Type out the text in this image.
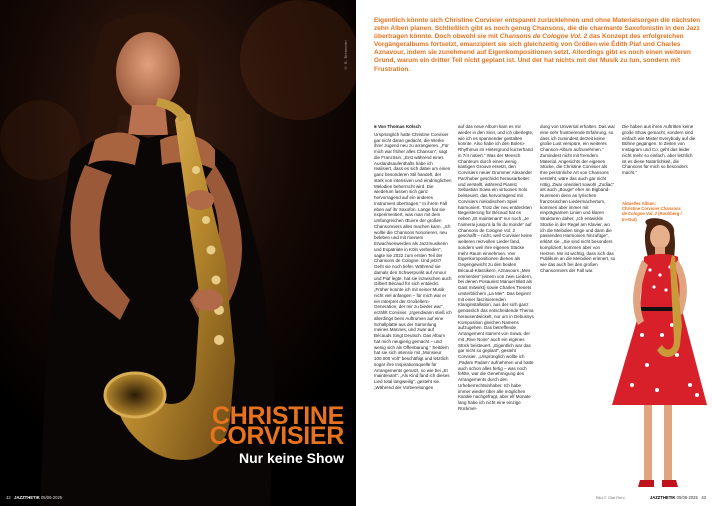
© B. Bielmeier
CHRISTINE
CORVISIER
Nur keine Show
42 JAZZTHETIK 05/06-2025

Eigentlich könnte sich Christine Corvisier entspannt zurücklehnen und ohne Materialsorgen die nächsten zehn Alben planen. Schließlich gibt es noch genug Chansons, die die charmante Saxofonistin in den Jazz übertragen könnte. Doch obwohl sie mit Chansons de Cologne Vol. 2 das Konzept des erfolgreichen Vorgängeralbums fortsetzt, emanzipiert sie sich gleichzeitig von Größen wie Édith Piaf und Charles Aznavour, indem sie zunehmend auf Eigenkompositionen setzt. Allerdings gibt es noch einen weiteren Grund, warum ein dritter Teil nicht geplant ist. Und der hat nichts mit der Musik zu tun, sondern mit Frustration.

■ Von Thomas Kölsch

Ursprünglich hatte Christine Corvisier gar nicht daran gedacht, die Werke ihrer Jugend neu zu arrangieren. „Für mich war früher alles Chanson“, sagt die Französin. „Erst während eines Auslandsaufenthalts habe ich realisiert, dass es sich dabei um einen ganz besonderen Stil handelt, der stark von intensiven und eindringlichen Melodien beherrscht wird. Die wiederum lassen sich ganz hervorragend auf ein anderes Instrument übertragen.“ In ihrem Fall eben auf ihr Saxofon. Lange hat sie experimentiert, was man mit dem umfangreichen Œuvre der großen Chansonniers alles machen kann. „Ich wollte die Chansons honorieren, neu beleben und mit meinem Erwachsenwerden als Jazzmusikerin und Expatriate in Köln verbinden“, sagte sie 2022 zum ersten Teil der Chansons de Cologne. Und jetzt? Geht sie noch tiefer. Während sie damals den Schwerpunkt auf Amour und Piaf legte, hat sie inzwischen auch Gilbert Bécaud für sich entdeckt. „Früher konnte ich mit seiner Musik nicht viel anfangen – für mich war er ein Interpret der Großeltern-Generation, der mir zu bieder war“, erzählt Corvisier. „Irgendwann stieß ich allerdings beim Auftrumen auf eine Schallplatte aus der Sammlung meines Mannes, und zwar auf Bécauds Singt Deutsch. Das Album hat mich neugierig gemacht – und wenig sich als Offenbarung.“ Seitdem hat sie sich intensiv mit „Monsieur 100.000 Volt“ beschäftigt und letztlich sogar ihre Inspirationsquelle für Arrangements genutzt, so wie bei „Et maintenant“. „Als Kind fand ich dieses Lied total langweilig“, gesteht sie. „Während der Vorbereitungen

auf das neue Album kam es mir wieder in den Sinn, und ich überlegte, wie ich es spannender gestalten konnte. Also habe ich den Bolero-Rhythmus im Hintergrund kurzerhand in 7/4 notiert.“ Was der Mensch Chanteurs durch einen wenig kantigen Groove ersetzt, den Corvisiers neuer Drummer Alexander Parzhuber geschickt herausarbeitet und verstellt, während Pianist Sebastian Sowa ein virtuoses Solo beisteuert, das hervorragend mit Corvisiers melodischem Spiel harmoniert. Trotz der neu entdeckten Begeisterung für Bécaud hat es neben „Et maintenant“ nur noch „Je t’aimerai jusqu’à la fin du monde“ auf Chansons de Cologne Vol. 2 geschafft – nicht, weil Corvisier keine weiteren reizvollen Lieder fand, sondern weil ihre eigenen Stücke mehr Raum einnehmen. Vier Eigenkompositionen dienen als Gegengewicht zu den beiden Bécaud-Klassikern, Aznavours „Mes emmerdes“ (einem von zwei Liedern, bei denen Posaunist Manuel Blatt als Gast mitwirkt) sowie Charles Trenets unsterblichem „La Mer“. Das beginnt mit einer faszinierenden Klanginstallation, aus der sich ganz genüsslich das entscheidende Thema herausentwickelt, nur um in Debussys Komposition gleichen Namens aufzugehen. Das betreffende Arrangement stammt von Sowa, der mit „Rive Noire“ auch ein eigenes Stück beisteuert. „Eigentlich war das gar nicht so geplant“, gesteht Corvisier. „Ursprünglich wollte ich ‚Padam Padam‘ aufnehmen und hatte auch schon alles fertig – was noch fehlte, war die Genehmigung des Arrangements durch den Urheberrechtsinhaber. Ich habe immer wieder über alle möglichen Kanäle nachgefragt, aber elf Monate lang habe ich nicht eine einzige Rückmel-

dung von Universal erhalten. Das war eine sehr frustrierende Erfahrung, so dass ich zumindest derzeit keine große Lust verspüre, ein weiteres Chanson-Album aufzunehmen.“ Zumindest nicht mit fremdem Material. Angesichts der eigenen Stücke, die Christine Corvisier als Ihre persönliche Art von Chansons versteht, wäre das auch gar nicht nötig. Zwar orientiert sowohl „Zodiac“ als auch „Bouge“ eher an Bigband-Nummern denn an lyrischen französischen Liedermachertum, kommen aber immer mit einprägsamen Linien und klaren Strukturen daher. „Ich entwickle Stücke in der Regel am Klavier, wo ich die Melodien singe und dann die passenden Harmonien hinzufüge“, erklärt sie. „Sie sind nicht besonders kompliziert, kommen aber von Herzen. Mir ist wichtig, dass sich das Publikum an die Melodien erinnert, so wie das auch bei den großen Chansonniers der Fall war.

Die haben aus ihren Auftritten keine große Show gemacht, sondern sind einfach wie Mister Everybody auf die Bühne gegangen. In Zeiten von Instagram und Co. geht das leider nicht mehr so einfach, aber letztlich ist es diese Natürlichkeit, die Chansons für mich so besonders macht.“

Aktuelles Album:
Christine Corvisier Chansons de Cologne Vol. 2 (Rouhberg / In+Out)
Bild © Olaf Rehl	JAZZTHETIK 05/06-2025 43
